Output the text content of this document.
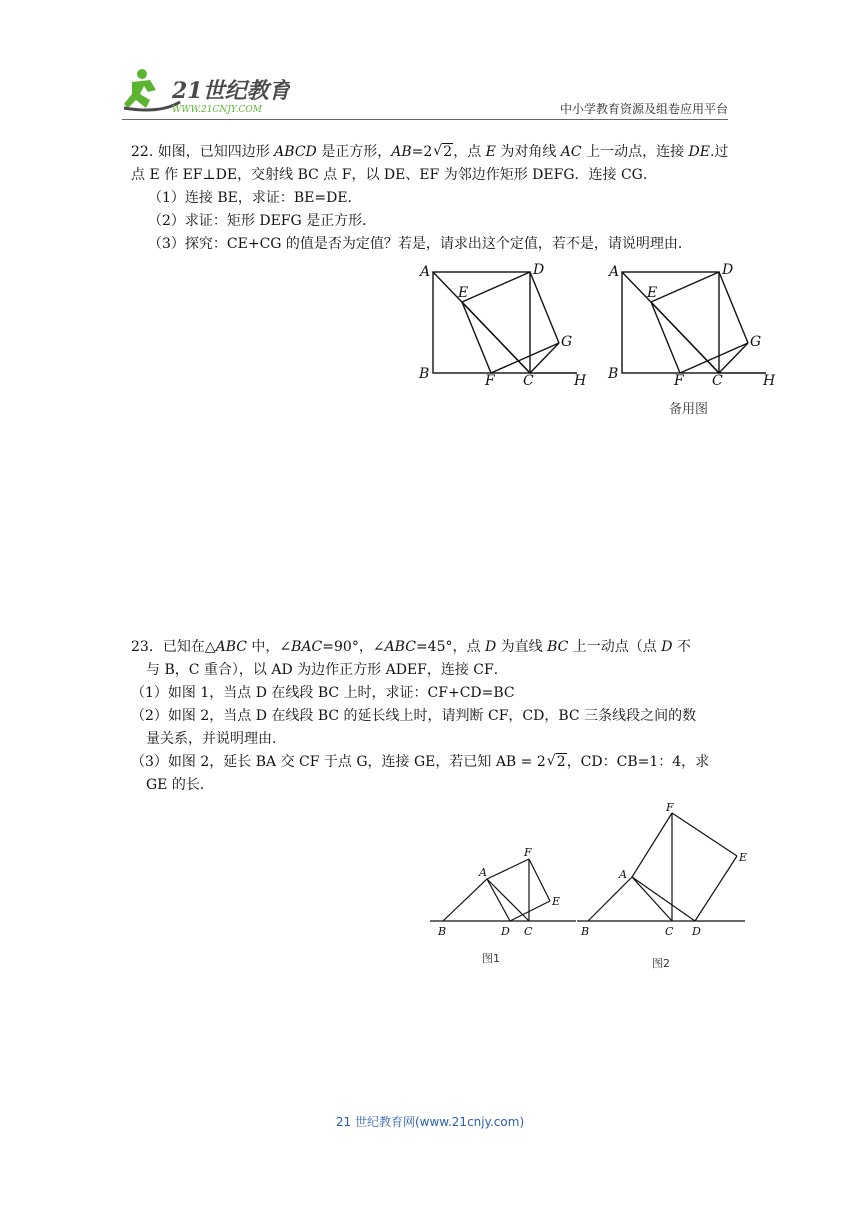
21世纪教育
WWW.21CNJY.COM	中小学教育资源及组卷应用平台

22. 如图，已知四边形 ABCD 是正方形，AB=2 √ 2，点 E 为对角线 AC 上一动点，连接 DE.过

点 E 作 EF⊥DE，交射线 BC 点 F，以 DE、EF 为邻边作矩形 DEFG．连接 CG．

（1）连接 BE，求证：BE=DE．

（2）求证：矩形 DEFG 是正方形．

（3）探究：CE+CG 的值是否为定值？若是，请求出这个定值，若不是，请说明理由．

A	D
E
G
B	F C	H
A	D
E
G
B	F C	H
备用图

23．已知在△ABC 中，∠BAC=90°，∠ABC=45°，点 D 为直线 BC 上一动点（点 D 不

与 B，C 重合），以 AD 为边作正方形 ADEF，连接 CF．

（1）如图 1，当点 D 在线段 BC 上时，求证：CF+CD=BC

（2）如图 2，当点 D 在线段 BC 的延长线上时，请判断 CF，CD，BC 三条线段之间的数

量关系，并说明理由．

（3）如图 2，延长 BA 交 CF 于点 G，连接 GE，若已知 AB = 2 √ 2，CD：CB=1：4，求

GE 的长．

A
F
E
B	D C
图1
A
F
E
B	D
C
图2
21 世纪教育网(www.21cnjy.com)
